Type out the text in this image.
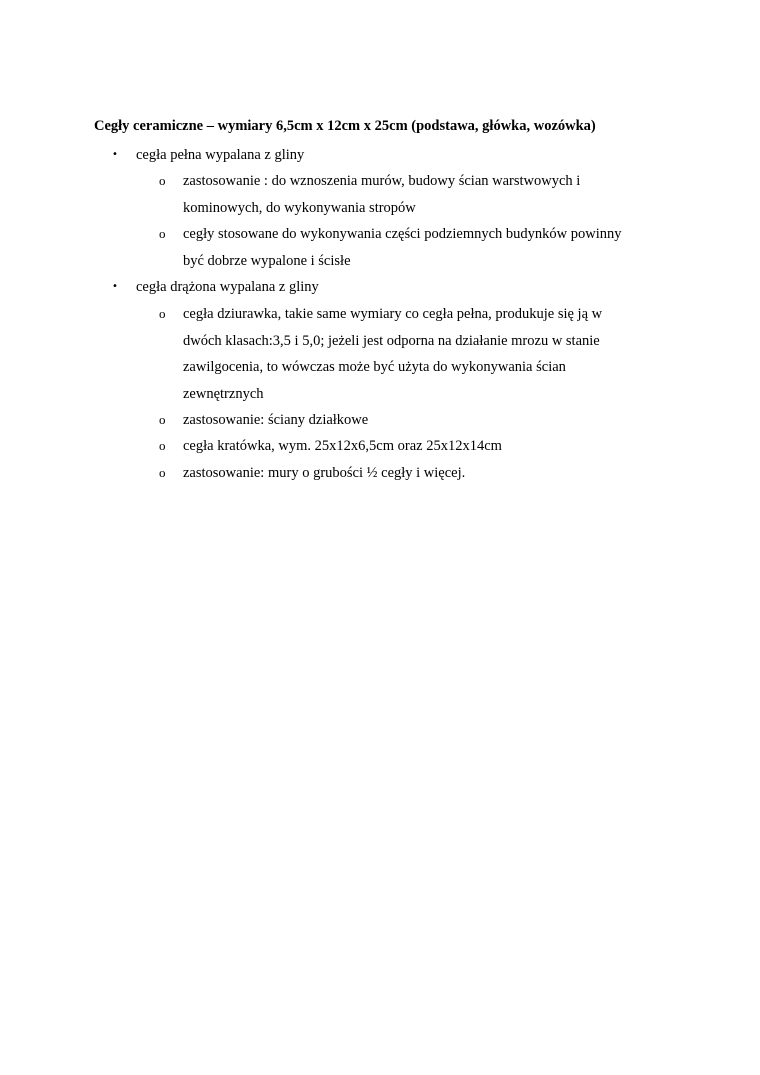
Cegły ceramiczne – wymiary 6,5cm x 12cm x 25cm (podstawa, główka, wozówka)
• cegła pełna wypalana z gliny
o zastosowanie : do wznoszenia murów, budowy ścian warstwowych i
kominowych, do wykonywania stropów
o cegły stosowane do wykonywania części podziemnych budynków powinny
być dobrze wypalone i ścisłe
• cegła drążona wypalana z gliny
o cegła dziurawka, takie same wymiary co cegła pełna, produkuje się ją w
dwóch klasach:3,5 i 5,0; jeżeli jest odporna na działanie mrozu w stanie
zawilgocenia, to wówczas może być użyta do wykonywania ścian
zewnętrznych
o zastosowanie: ściany działkowe
o cegła kratówka, wym. 25x12x6,5cm oraz 25x12x14cm
o zastosowanie: mury o grubości ½ cegły i więcej.
